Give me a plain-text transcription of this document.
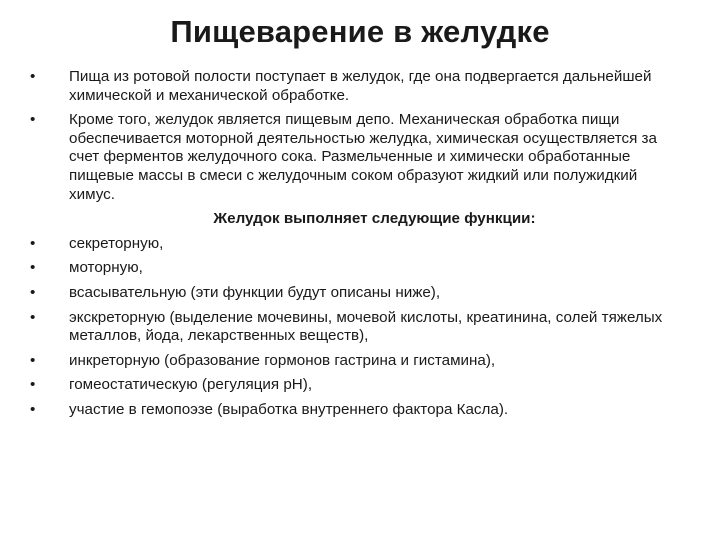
Пищеварение в желудке
•	Пища из ротовой полости поступает в желудок, где она подвергается дальнейшей химической и механической обработке.
•	Кроме того, желудок является пищевым депо. Механическая обработка пищи обеспечивается моторной деятельностью желудка, химическая осуществляется за счет ферментов желудочного сока. Размельченные и химически обработанные пищевые массы в смеси с желудочным соком образуют жидкий или полужидкий химус.
Желудок выполняет следующие функции:
•	секреторную,
•	моторную,
•	всасывательную (эти функции будут описаны ниже),
•	экскреторную (выделение мочевины, мочевой кислоты, креатинина, солей тяжелых металлов, йода, лекарственных веществ),
•	инкреторную (образование гормонов гастрина и гистамина),
•	гомеостатическую (регуляция рН),
•	участие в гемопоэзе (выработка внутреннего фактора Касла).
